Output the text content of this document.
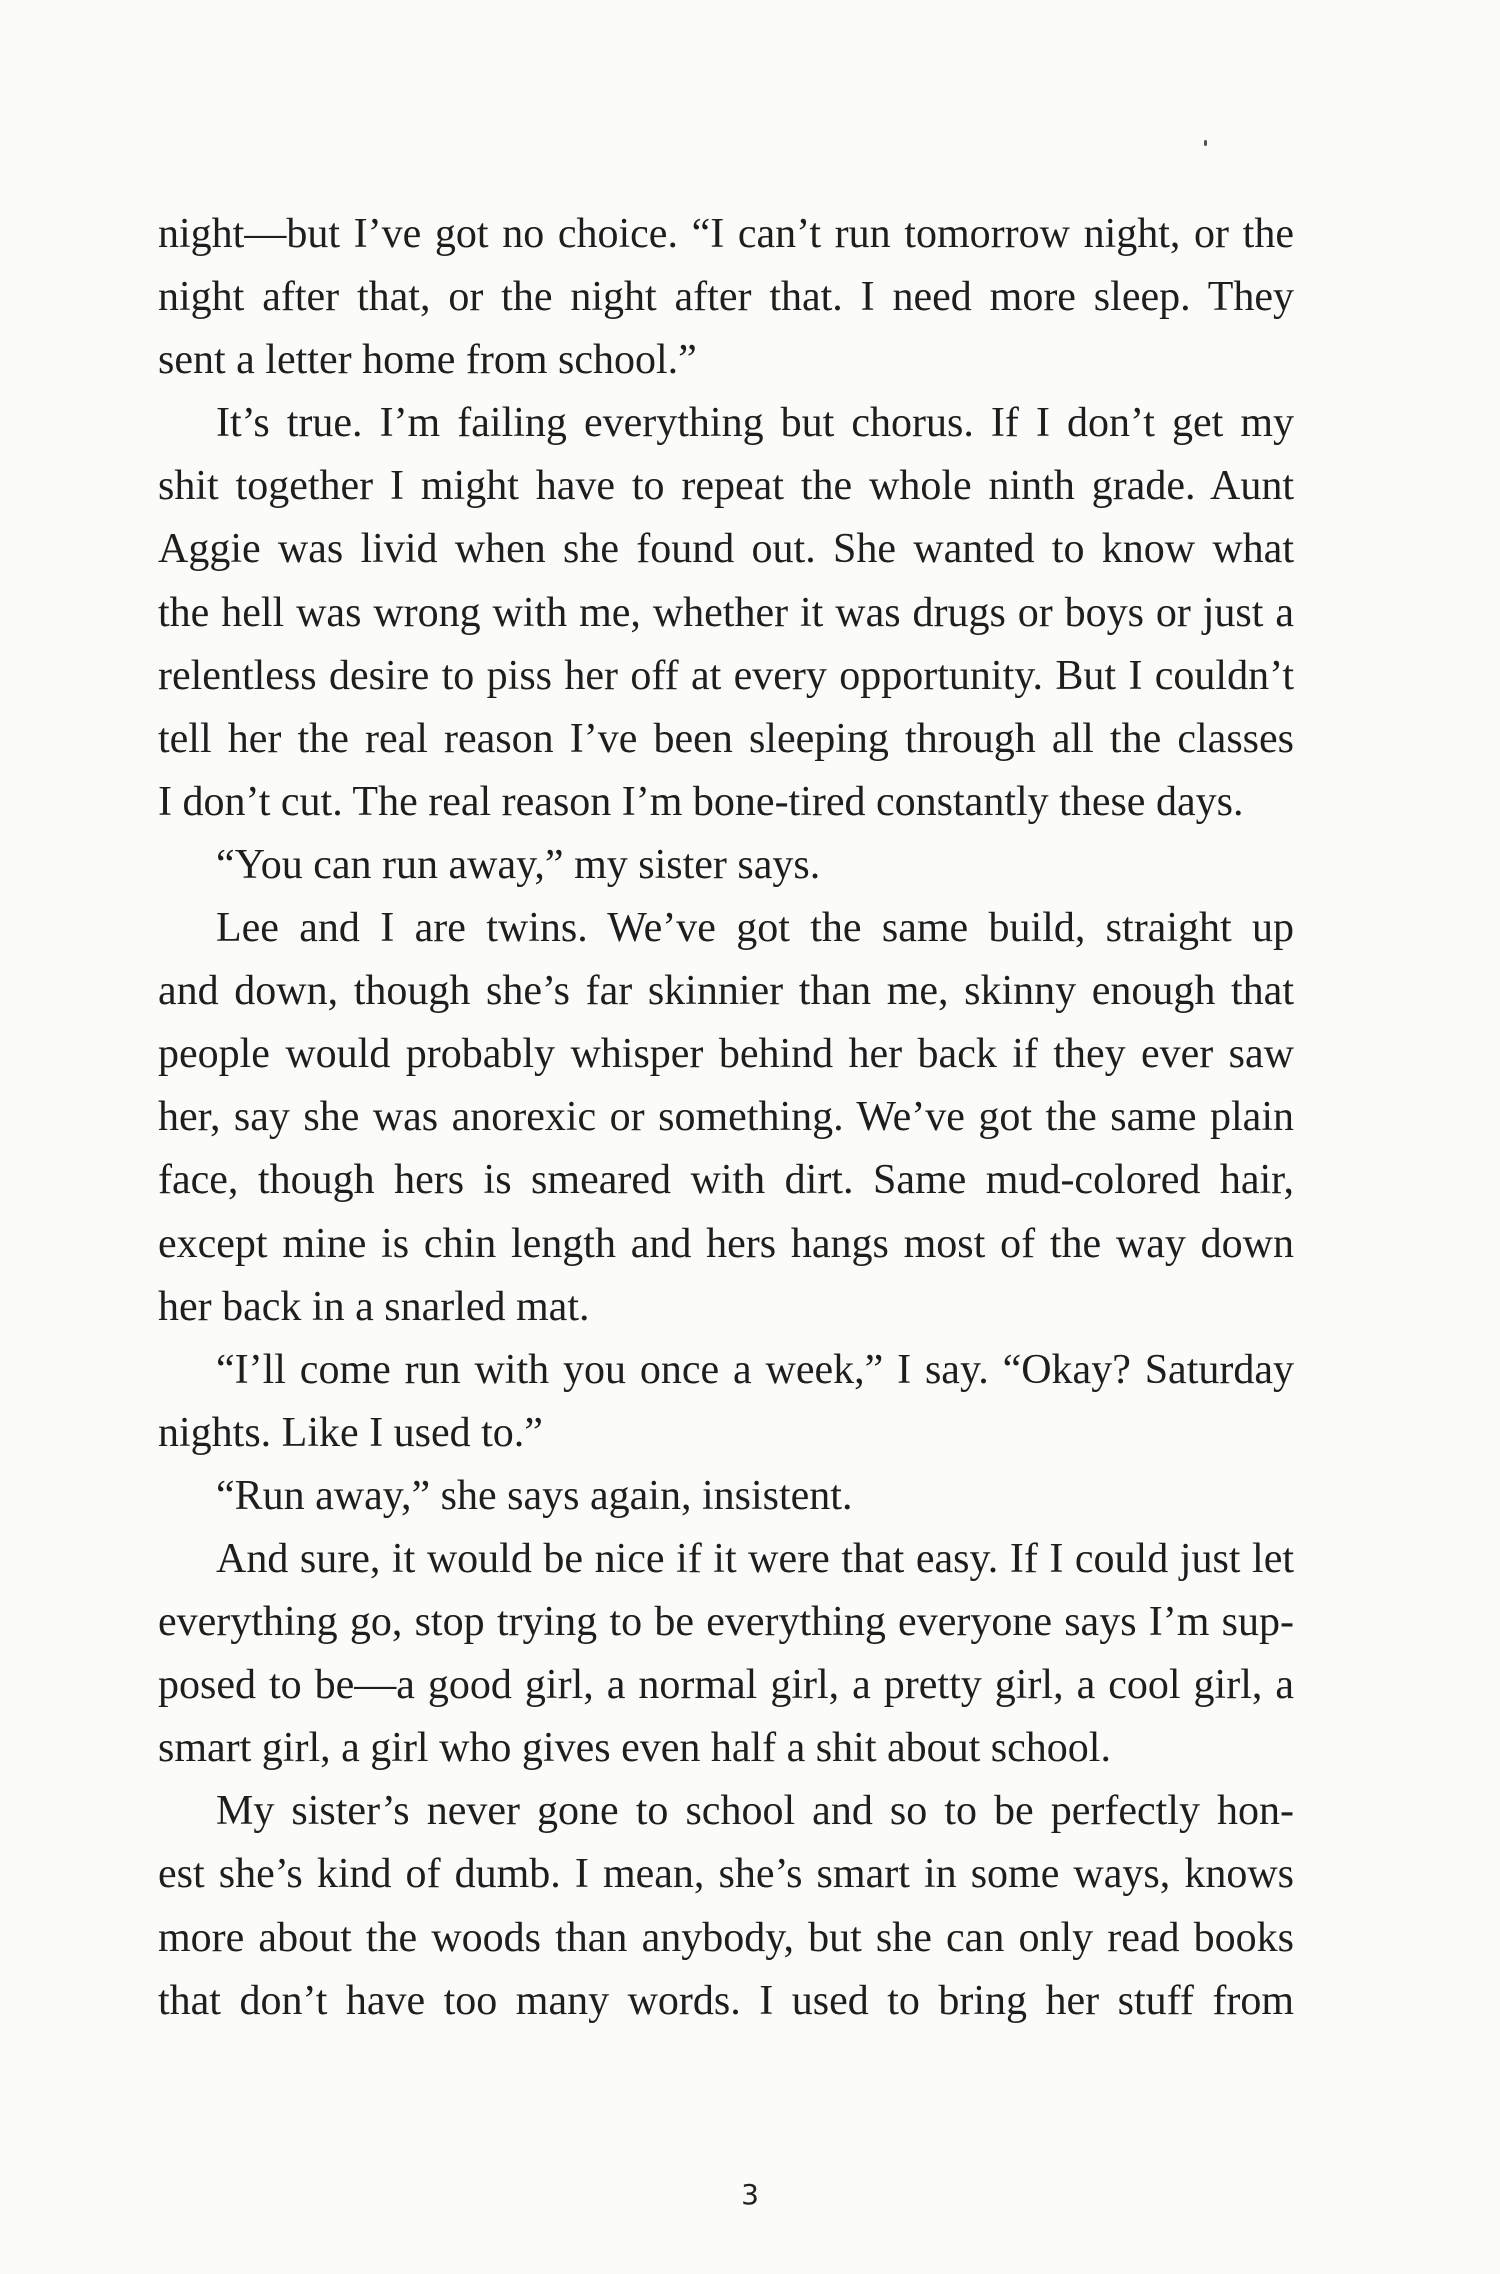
night—but I’ve got no choice. “I can’t run tomorrow night, or the
night after that, or the night after that. I need more sleep. They
sent a letter home from school.”
It’s true. I’m failing everything but chorus. If I don’t get my
shit together I might have to repeat the whole ninth grade. Aunt
Aggie was livid when she found out. She wanted to know what
the hell was wrong with me, whether it was drugs or boys or just a
relentless desire to piss her off at every opportunity. But I couldn’t
tell her the real reason I’ve been sleeping through all the classes
I don’t cut. The real reason I’m bone-tired constantly these days.
“You can run away,” my sister says.
Lee and I are twins. We’ve got the same build, straight up
and down, though she’s far skinnier than me, skinny enough that
people would probably whisper behind her back if they ever saw
her, say she was anorexic or something. We’ve got the same plain
face, though hers is smeared with dirt. Same mud-colored hair,
except mine is chin length and hers hangs most of the way down
her back in a snarled mat.
“I’ll come run with you once a week,” I say. “Okay? Saturday
nights. Like I used to.”
“Run away,” she says again, insistent.
And sure, it would be nice if it were that easy. If I could just let
everything go, stop trying to be everything everyone says I’m sup-
posed to be—a good girl, a normal girl, a pretty girl, a cool girl, a
smart girl, a girl who gives even half a shit about school.
My sister’s never gone to school and so to be perfectly hon-
est she’s kind of dumb. I mean, she’s smart in some ways, knows
more about the woods than anybody, but she can only read books
that don’t have too many words. I used to bring her stuff from
3
